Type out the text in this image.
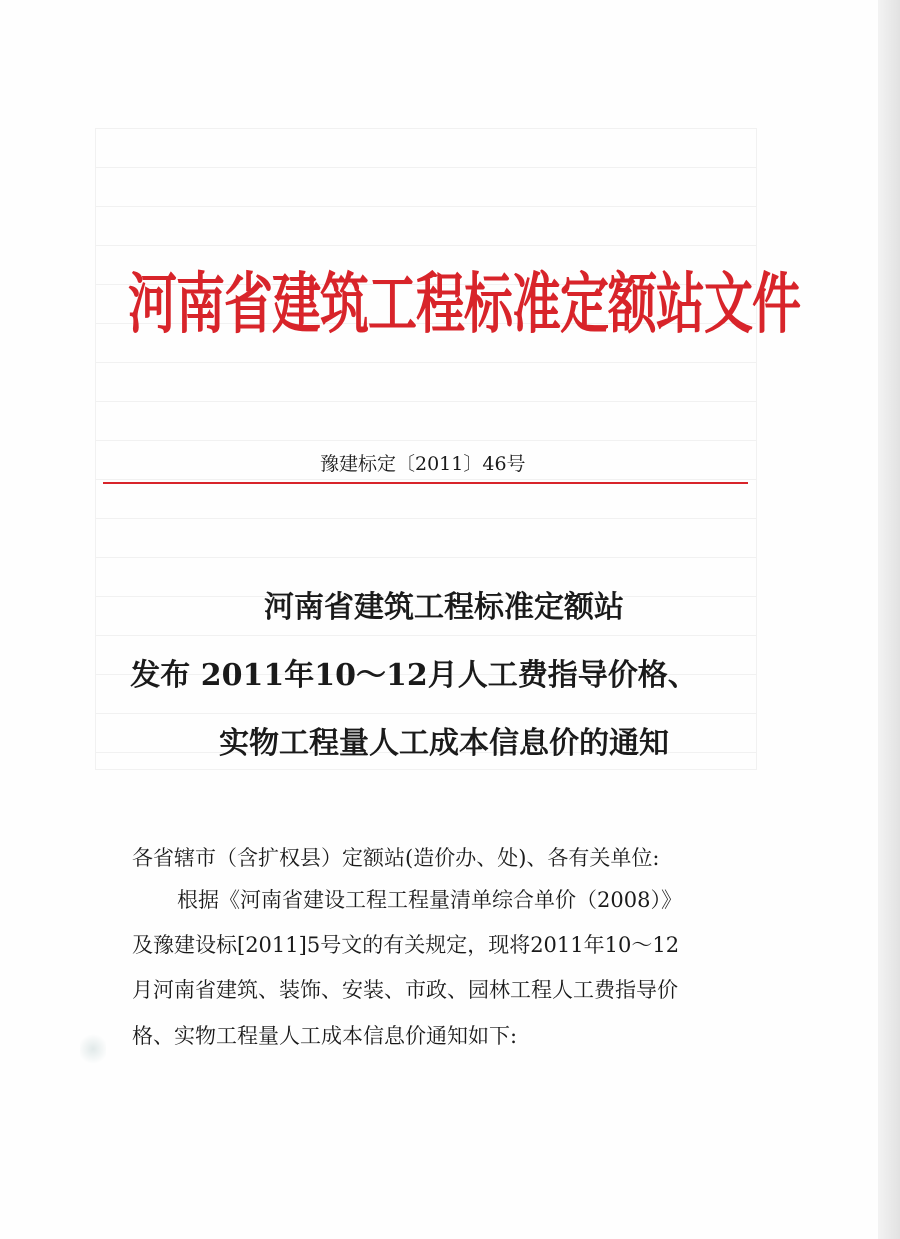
河南省建筑工程标准定额站文件
豫建标定〔2011〕46号
河南省建筑工程标准定额站
发布 2011年10～12月人工费指导价格、
实物工程量人工成本信息价的通知
各省辖市（含扩权县）定额站(造价办、处)、各有关单位:
根据《河南省建设工程工程量清单综合单价（2008）》
及豫建设标[2011]5号文的有关规定，现将2011年10～12
月河南省建筑、装饰、安装、市政、园林工程人工费指导价
格、实物工程量人工成本信息价通知如下:
